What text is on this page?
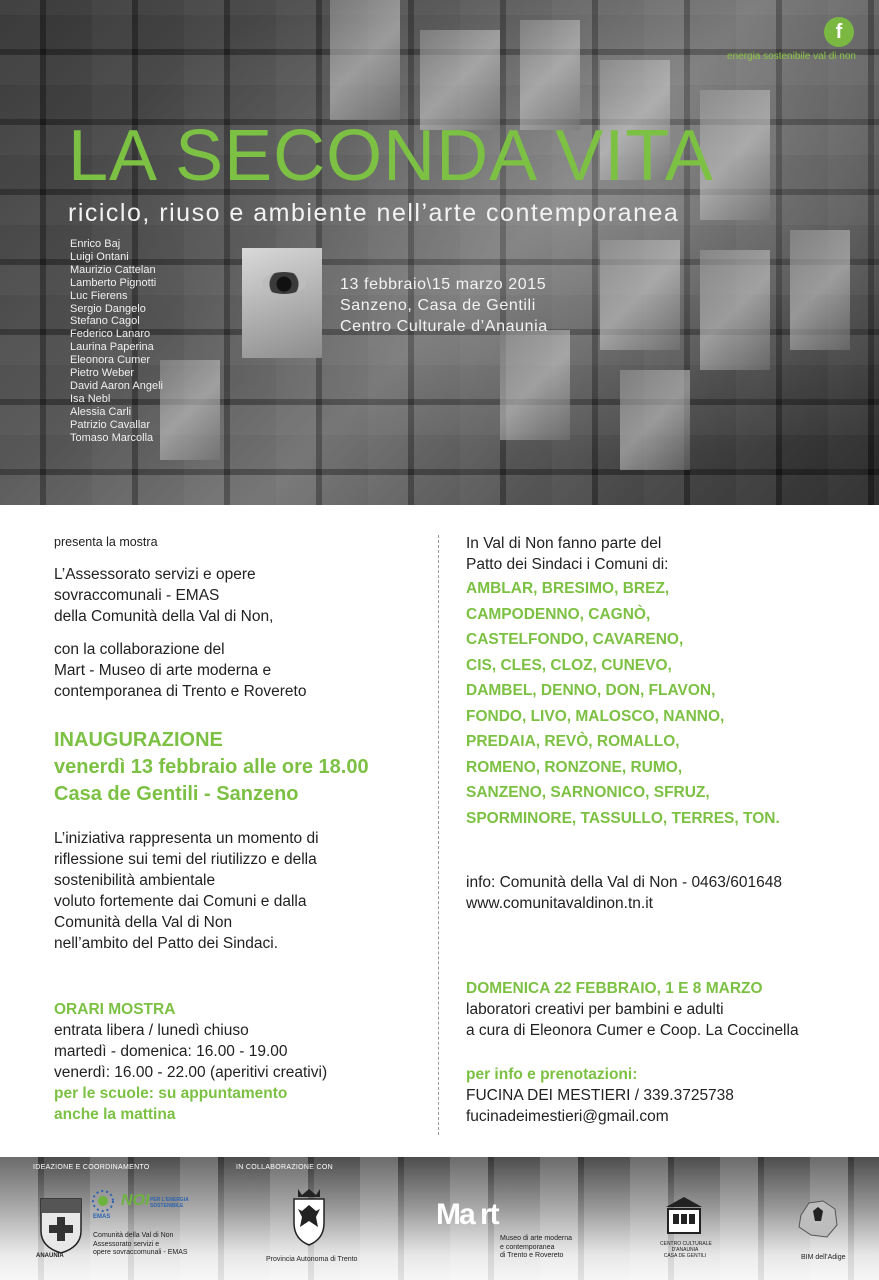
f
energia sostenibile val di non
LA SECONDA VITA
riciclo, riuso e ambiente nell’arte contemporanea
Enrico Baj
Luigi Ontani
Maurizio Cattelan
Lamberto Pignotti
Luc Fierens
Sergio Dangelo
Stefano Cagol
Federico Lanaro
Laurina Paperina
Eleonora Cumer
Pietro Weber
David Aaron Angeli
Isa Nebl
Alessia Carli
Patrizio Cavallar
Tomaso Marcolla
13 febbraio\15 marzo 2015
Sanzeno, Casa de Gentili
Centro Culturale d’Anaunia
presenta la mostra
L’Assessorato servizi e opere
sovraccomunali - EMAS
della Comunità della Val di Non,
con la collaborazione del
Mart - Museo di arte moderna e
contemporanea di Trento e Rovereto
INAUGURAZIONE
venerdì 13 febbraio alle ore 18.00
Casa de Gentili - Sanzeno
L’iniziativa rappresenta un momento di
riflessione sui temi del riutilizzo e della
sostenibilità ambientale
voluto fortemente dai Comuni e dalla
Comunità della Val di Non
nell’ambito del Patto dei Sindaci.
ORARI MOSTRA
entrata libera / lunedì chiuso
martedì - domenica: 16.00 - 19.00
venerdì: 16.00 - 22.00 (aperitivi creativi)
per le scuole: su appuntamento
anche la mattina
In Val di Non fanno parte del
Patto dei Sindaci i Comuni di:
AMBLAR, BRESIMO, BREZ,
CAMPODENNO, CAGNÒ,
CASTELFONDO, CAVARENO,
CIS, CLES, CLOZ, CUNEVO,
DAMBEL, DENNO, DON, FLAVON,
FONDO, LIVO, MALOSCO, NANNO,
PREDAIA, REVÒ, ROMALLO,
ROMENO, RONZONE, RUMO,
SANZENO, SARNONICO, SFRUZ,
SPORMINORE, TASSULLO, TERRES, TON.
info: Comunità della Val di Non - 0463/601648
www.comunitavaldinon.tn.it
DOMENICA 22 FEBBRAIO, 1 E 8 MARZO
laboratori creativi per bambini e adulti
a cura di Eleonora Cumer e Coop. La Coccinella
per info e prenotazioni:
FUCINA DEI MESTIERI / 339.3725738
fucinadeimestieri@gmail.com
IDEAZIONE E COORDINAMENTO	IN COLLABORAZIONE CON
ANAUNIA
EMAS
NOI PER L'ENERGIA SOSTENIBILE
Comunità della Val di Non
Assessorato servizi e
opere sovraccomunali - EMAS
Provincia Autonoma di Trento
Ma rt
Museo di arte moderna
e contemporanea
di Trento e Rovereto
CENTRO CULTURALE
D'ANAUNIA
CASA DE GENTILI	BIM dell'Adige
